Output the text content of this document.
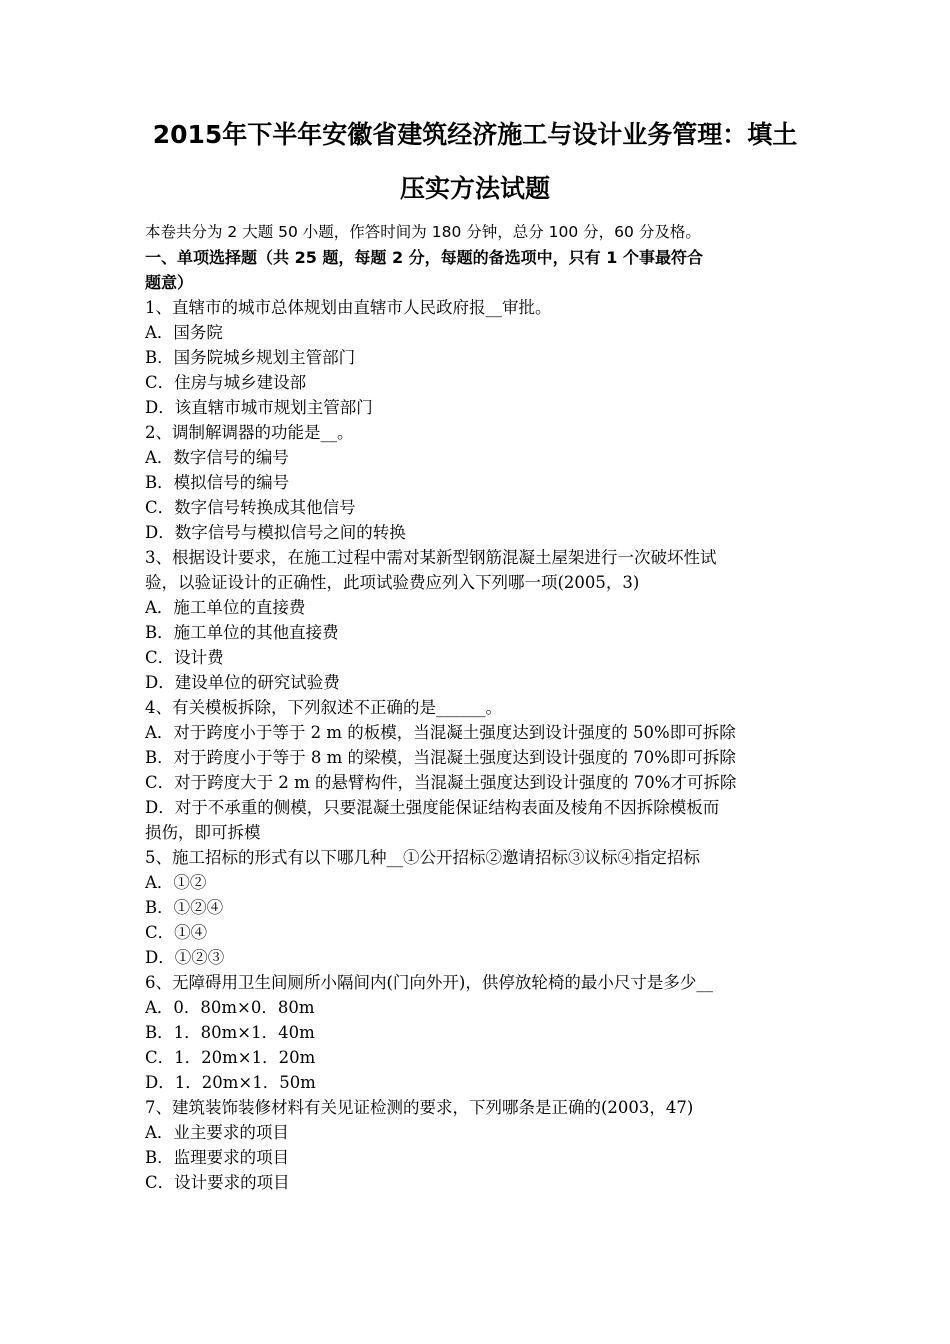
2015年下半年安徽省建筑经济施工与设计业务管理：填土
压实方法试题
本卷共分为 2 大题 50 小题，作答时间为 180 分钟，总分 100 分，60 分及格。
一、单项选择题（共 25 题，每题 2 分，每题的备选项中，只有 1 个事最符合
题意）
1、直辖市的城市总体规划由直辖市人民政府报__审批。
A．国务院
B．国务院城乡规划主管部门
C．住房与城乡建设部
D．该直辖市城市规划主管部门
2、调制解调器的功能是__。
A．数字信号的编号
B．模拟信号的编号
C．数字信号转换成其他信号
D．数字信号与模拟信号之间的转换
3、根据设计要求，在施工过程中需对某新型钢筋混凝土屋架进行一次破坏性试
验，以验证设计的正确性，此项试验费应列入下列哪一项(2005，3)
A．施工单位的直接费
B．施工单位的其他直接费
C．设计费
D．建设单位的研究试验费
4、有关模板拆除，下列叙述不正确的是______。
A．对于跨度小于等于 2 m 的板模，当混凝土强度达到设计强度的 50%即可拆除
B．对于跨度小于等于 8 m 的梁模，当混凝土强度达到设计强度的 70%即可拆除
C．对于跨度大于 2 m 的悬臂构件，当混凝土强度达到设计强度的 70%才可拆除
D．对于不承重的侧模，只要混凝土强度能保证结构表面及棱角不因拆除模板而
损伤，即可拆模
5、施工招标的形式有以下哪几种__①公开招标②邀请招标③议标④指定招标
A．①②
B．①②④
C．①④
D．①②③
6、无障碍用卫生间厕所小隔间内(门向外开)，供停放轮椅的最小尺寸是多少__
A．0．80m×0．80m
B．1．80m×1．40m
C．1．20m×1．20m
D．1．20m×1．50m
7、建筑装饰装修材料有关见证检测的要求，下列哪条是正确的(2003，47)
A．业主要求的项目
B．监理要求的项目
C．设计要求的项目
